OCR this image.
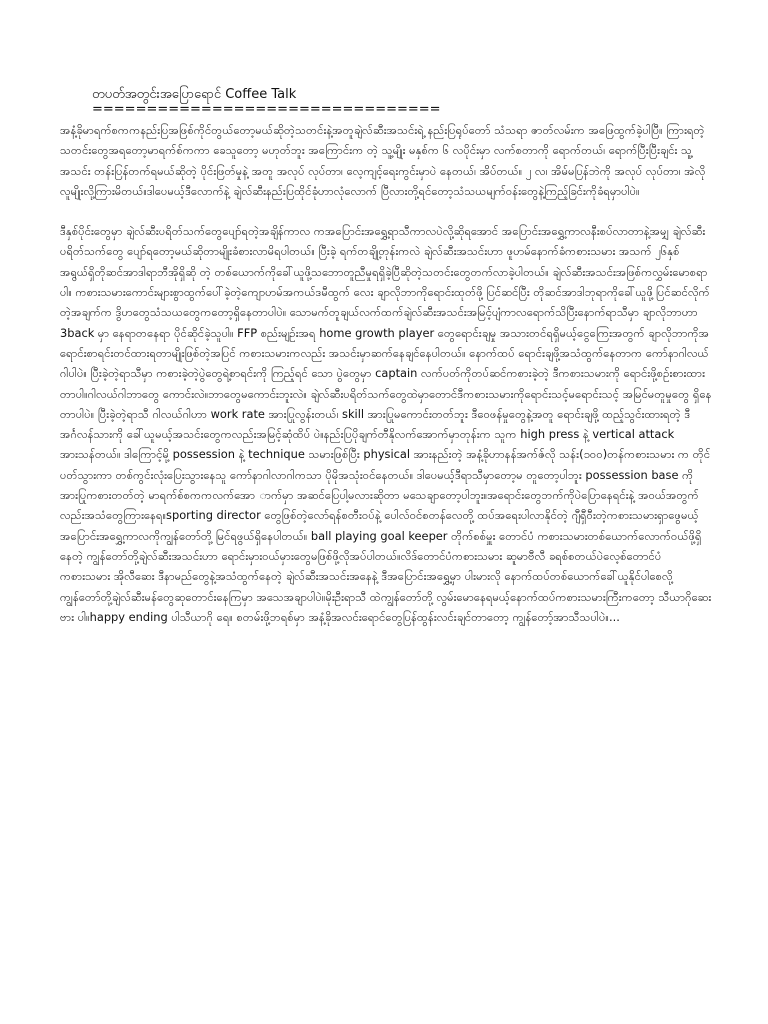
တပတ်အတွင်းအပြောရောင် Coffee Talk
================================

အနံ့ခိုမာရက်စကကနည်းပြအဖြစ်ကိုင်တွယ်တော့မယ်ဆိုတဲ့သတင်းနဲ့အတူချဲလ်ဆီးအသင်းရဲ့ နည်းပြရုပ်တော် သံသရာ ဇာတ်လမ်းက အဖြေထွက်ခဲ့ပါပြီ။ ကြားရတဲ့သတင်းတွေအရတော့မာရက်စ်ကကာ ခေသူတော့ မဟုတ်ဘူး အကြောင်းက တဲ့ သူ့မျိုး မနှစ်က ၆ လပိုင်းမှာ လက်စတာကို ရောက်တယ်၊ ရောက်ပြီးပြီးချင်း သူ့အသင်း တန်းပြန်တက်ရမယ်ဆိုတဲ့ ပိုင်းဖြတ်မှုနဲ့ အတူ အလုပ် လုပ်တာ၊ လေ့ကျင့်ရေးကွင်းမှာပဲ နေတယ်၊ အိပ်တယ်။ ၂ လ၊ အိမ်မပြန်ဘဲကို အလုပ် လုပ်တာ၊ အဲလို လူမျိုးလို့ကြားမိတယ်။ဒါပေမယ့်ဒီလောက်နဲ့ ချဲလ်ဆီးနည်းပြထိုင်ခုံဟာလုံလောက် ပြီလားတို့ရင်တော့သံသယမျက်ဝန်းတွေနဲ့ကြည့်ခြင်းကိုခံရမှာပါပဲ။

ဒီနှစ်ပိုင်းတွေမှာ ချဲလ်ဆီးပရိတ်သက်တွေပျော်ရတဲ့အချိန်ကာလ ကအပြောင်းအရွှေ့ရာသီကာလပဲလို့ဆိုရအောင် အပြောင်းအရွှေ့ကာလနီးစပ်လာတာနဲ့အမျှ ချဲလ်ဆီးပရိတ်သက်တွေ ပျော်ရတော့မယ်ဆိုတာမျိုးခံစားလာမိရပါတယ်။ ပြီးခဲ့ ရက်တချို့တုန်းကလဲ ချဲလ်ဆီးအသင်းဟာ ဖူဟမ်နောက်ခံကစားသမား အသက် ၂၆နှစ်အရွယ်ရှိတိုဆင်အာဒါရာဘီအိုရှိဆို တဲ့ တစ်ယောက်ကိုခေါ်ယူဖို့သဘောတူညီမှုရရှိခဲ့ပြီဆိုတဲ့သတင်းတွေတက်လာခဲ့ပါတယ်။ ချဲလ်ဆီးအသင်းအဖြစ်ကလွှမ်းမောစရာပါ။ ကစားသမားကောင်းများစွာထွက်ပေါ်ခဲ့တဲ့ကျောဟမ်အကယ်ဒမီထွက် လေး ချာလိုဘာကိုရောင်းထုတ်ဖို့ ပြင်ဆင်ပြီး တိုဆင်အာဒါဘုရာကိုခေါ်ယူဖို့ပြင်ဆင်လိုက်တဲ့အချက်က ဒွိဟတွေသံသယတွေကတော့ရှိနေတာပါပဲ။ သောမက်တူချယ်လက်ထက်ချဲလ်ဆီးအသင်းအမြင့်ပျံကာလရောက်သိပြီးနောက်ရာသီမှာ ချာလိုဘာဟာ 3back မှာ နေရာတနေရာ ပိုင်ဆိုင်ခဲ့သူပါ။ FFP စည်းမျဉ်းအရ home growth player တွေရောင်းချမှု အသားတင်ရရှိမယ့်ငွေကြေးအတွက် ချာလိုဘာကိုအရောင်းစာရင်းတင်ထားရတာမျိုးဖြစ်တဲ့အပြင် ကစားသမားကလည်း အသင်းမှာဆက်နေချင်နေပါတယ်။ နောက်ထပ် ရောင်းချဖို့အသံထွက်နေတာက ကော်နာဂါလယ်ဂါပါပဲ။ ပြီးခဲ့တဲ့ရာသီမှာ ကစားခဲ့တဲ့ပွဲတွေရဲ့စာရင်းကို ကြည့်ရင် သော ပွဲတွေမှာ captain လက်ပတ်ကိုတပ်ဆင်ကစားခဲ့တဲ့ ဒီကစားသမားကို ရောင်းဖို့စဉ်းစားထားတာပါ။ဂါလယ်ဂါဘာတွေ ကောင်းလဲ။ဘာတွေမကောင်းဘူးလဲ။ ချဲလ်ဆီးပရိတ်သက်တွေထဲမှာတောင်ဒီကစားသမားကိုရောင်းသင့်မရောင်းသင့် အမြင်မတူမှုတွေ ရှိနေတာပါပဲ။ ပြီးခဲ့တဲ့ရာသီ ဂါလယ်ဂါဟာ work rate အားပြုလွန်းတယ်၊ skill အားပြုမကောင်းတတ်ဘူး ဒီဝေဖန်မှုတွေနဲ့အတူ ရောင်းချဖို့ ထည့်သွင်းထားရတဲ့ ဒီအင်္ဂလန်သားကို ခေါ်ယူမယ့်အသင်းတွေကလည်းအမြင့်ဆုံထိပ် ပဲ။နည်းပြပိုချက်တီနိုလက်အောက်မှာတုန်းက သူက high press နဲ့ vertical attack အားသန်တယ်။ ဒါကြောင့်မို့ possession နဲ့ technique သမားဖြစ်ပြီး physical အားနည်းတဲ့ အနံ့ခိုဟာနန်အက်ဇ်လို သန်း(၁၀၀)တန်ကစားသမား က တိုင်ပတ်သွားကာ တစ်ကွင်းလုံးပြေးသွားနေသူ ကော်နာဂါလာဂါကသာ ပိုမိုအသုံးဝင်နေတယ်။ ဒါပေမယ့်ဒီရာသီမှာတော့မ တူတော့ပါဘူး possession base ကိုအားပြုကစားတတ်တဲ့ မာရက်စ်စကကလက်အော ာက်မှာ အဆင်ပြေပါ့မလားဆိုတာ မသေချာတော့ပါဘူး။အရောင်းတွေဘက်ကိုပဲပြောနေရင်းနဲ့ အဝယ်အတွက်လည်းအသံတွေကြားနေရ။sporting director တွေဖြစ်တဲ့လော်ရန်စတီးဝပ်နဲ့ ပေါလ်ဝင်စတန်လေတို့ ထပ်အရေးပါလာနိုင်တဲ့ ဂျီရှီဝီးတဲ့ကစားသမားရှာဖွေမယ့် အပြောင်းအရွှေ့ကာလကိုကျွန်တော်တို့ မြင်ရဖွယ်ရှိနေပါတယ်။ ball playing goal keeper တိုက်စစ်မှူး တောင်ပံ ကစားသမားတစ်ယောက်လောက်ဝယ်ဖို့ရှိနေတဲ့ ကျွန်တော်တို့ချဲလ်ဆီးအသင်းဟာ ရောင်းမှားဝယ်မှားတွေမဖြစ်ဖို့လိုအပ်ပါတယ်။လိဒ်တောင်ပံကစားသမား ဆူမာဗီလီ ခရစ်စတယ်ပဲလေ့စ်တောင်ပံ ကစားသမား အိုလီဆေး ဒီနာမည်တွေနဲ့အသံထွက်နေတဲ့ ချဲလ်ဆီးအသင်းအနေနဲ့ ဒီအပြောင်းအရွှေ့မှာ ပါးမားလို နောက်ထပ်တစ်ယောက်ခေါ်ယူနိုင်ပါစေလို့ ကျွန်တော်တို့ချဲလ်ဆီးမန်တွေဆုတောင်းနေကြမှာ အသေအချာပါပဲ။မိုးဦးရာသီ ထဲကျွန်တော်တို့ လွမ်းမောနေရမယ့်နောက်ထပ်ကစားသမားကြီးကတော့ သီယာဂိုဆေးဗား ပါ။happy ending ပါသီယာဂို ရေ။ စတမ်းဖို့ဘရစ်မှာ အနံ့ခိုအလင်းရောင်တွေပြန်ထွန်းလင်းချင်တာတော့ ကျွန်တော့်အာသီသပါပဲ။...
